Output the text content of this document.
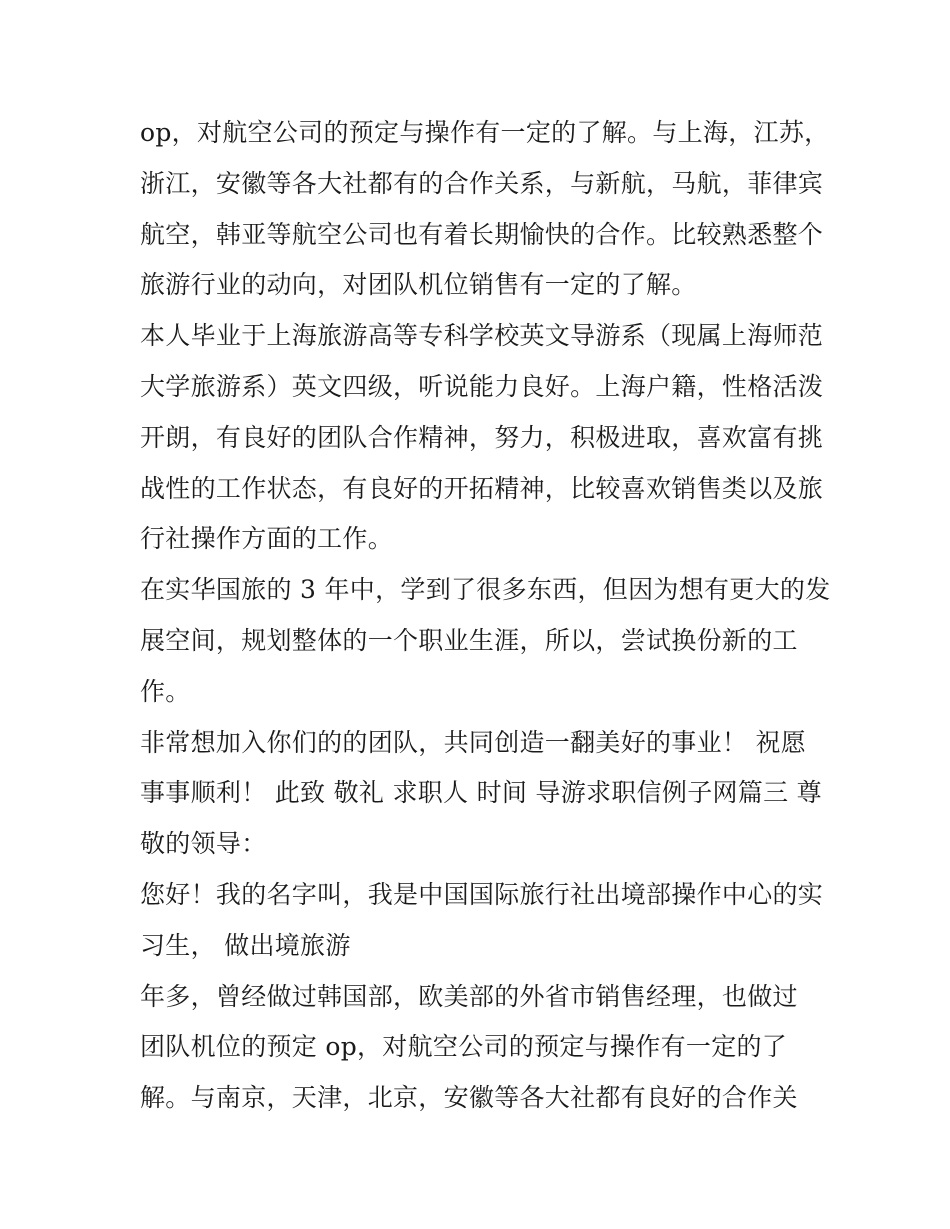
op，对航空公司的预定与操作有一定的了解。与上海，江苏，
浙江，安徽等各大社都有的合作关系，与新航，马航，菲律宾
航空，韩亚等航空公司也有着长期愉快的合作。比较熟悉整个
旅游行业的动向，对团队机位销售有一定的了解。
本人毕业于上海旅游高等专科学校英文导游系（现属上海师范
大学旅游系）英文四级，听说能力良好。上海户籍，性格活泼
开朗，有良好的团队合作精神，努力，积极进取，喜欢富有挑
战性的工作状态，有良好的开拓精神，比较喜欢销售类以及旅
行社操作方面的工作。
在实华国旅的 3 年中，学到了很多东西，但因为想有更大的发
展空间，规划整体的一个职业生涯，所以，尝试换份新的工
作。
非常想加入你们的的团队，共同创造一翻美好的事业！ 祝愿
事事顺利！ 此致 敬礼 求职人 时间 导游求职信例子网篇三 尊
敬的领导：
您好！我的名字叫，我是中国国际旅行社出境部操作中心的实
习生， 做出境旅游
年多，曾经做过韩国部，欧美部的外省市销售经理，也做过
团队机位的预定 op，对航空公司的预定与操作有一定的了
解。与南京，天津，北京，安徽等各大社都有良好的合作关
